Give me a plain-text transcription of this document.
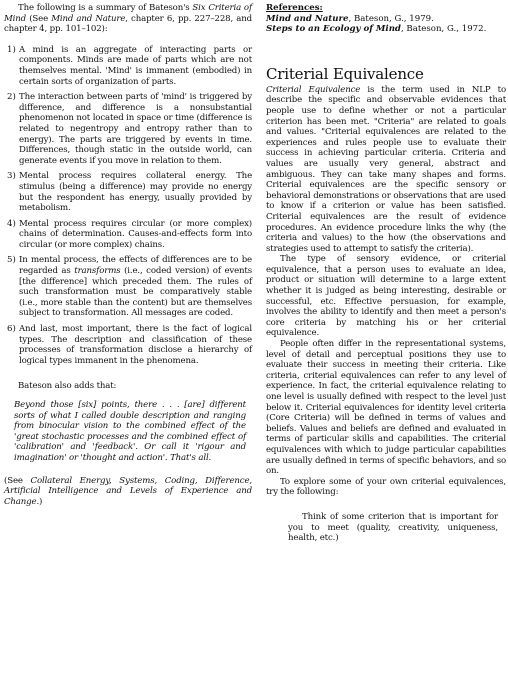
The following is a summary of Bateson's Six Criteria of Mind (See Mind and Nature, chapter 6, pp. 227–228, and chapter 4, pp. 101–102):

1) A mind is an aggregate of interacting parts or components. Minds are made of parts which are not themselves mental. 'Mind' is immanent (embodied) in certain sorts of organization of parts.

2) The interaction between parts of 'mind' is triggered by difference, and difference is a nonsubstantial phenomenon not located in space or time (difference is related to negentropy and entropy rather than to energy). The parts are triggered by events in time. Differences, though static in the outside world, can generate events if you move in relation to them.

3) Mental process requires collateral energy. The stimulus (being a difference) may provide no energy but the respondent has energy, usually provided by metabolism.

4) Mental process requires circular (or more complex) chains of determination. Causes-and-effects form into circular (or more complex) chains.

5) In mental process, the effects of differences are to be regarded as transforms (i.e., coded version) of events [the difference] which preceded them. The rules of such transformation must be comparatively stable (i.e., more stable than the content) but are themselves subject to transformation. All messages are coded.

6) And last, most important, there is the fact of logical types. The description and classification of these processes of transformation disclose a hierarchy of logical types immanent in the phenomena.

Bateson also adds that:

Beyond those [six] points, there . . . [are] different sorts of what I called double description and ranging from binocular vision to the combined effect of the 'great stochastic processes and the combined effect of 'calibration' and 'feedback'. Or call it 'rigour and imagination' or 'thought and action'. That's all.

(See Collateral Energy, Systems, Coding, Difference, Artificial Intelligence and Levels of Experience and Change.)

References:

Mind and Nature, Bateson, G., 1979.

Steps to an Ecology of Mind, Bateson, G., 1972.

Criterial Equivalence

Criterial Equivalence is the term used in NLP to describe the specific and observable evidences that people use to define whether or not a particular criterion has been met. "Criteria" are related to goals and values. "Criterial equivalences are related to the experiences and rules people use to evaluate their success in achieving particular criteria. Criteria and values are usually very general, abstract and ambiguous. They can take many shapes and forms. Criterial equivalences are the specific sensory or behavioral demonstrations or observations that are used to know if a criterion or value has been satisfied. Criterial equivalences are the result of evidence procedures. An evidence procedure links the why (the criteria and values) to the how (the observations and strategies used to attempt to satisfy the criteria).

The type of sensory evidence, or criterial equivalence, that a person uses to evaluate an idea, product or situation will determine to a large extent whether it is judged as being interesting, desirable or successful, etc. Effective persuasion, for example, involves the ability to identify and then meet a person's core criteria by matching his or her criterial equivalence.

People often differ in the representational systems, level of detail and perceptual positions they use to evaluate their success in meeting their criteria. Like criteria, criterial equivalences can refer to any level of experience. In fact, the criterial equivalence relating to one level is usually defined with respect to the level just below it. Criterial equivalences for identity level criteria (Core Criteria) will be defined in terms of values and beliefs. Values and beliefs are defined and evaluated in terms of particular skills and capabilities. The criterial equivalences with which to judge particular capabilities are usually defined in terms of specific behaviors, and so on.

To explore some of your own criterial equivalences, try the following:

Think of some criterion that is important for you to meet (quality, creativity, uniqueness, health, etc.)
